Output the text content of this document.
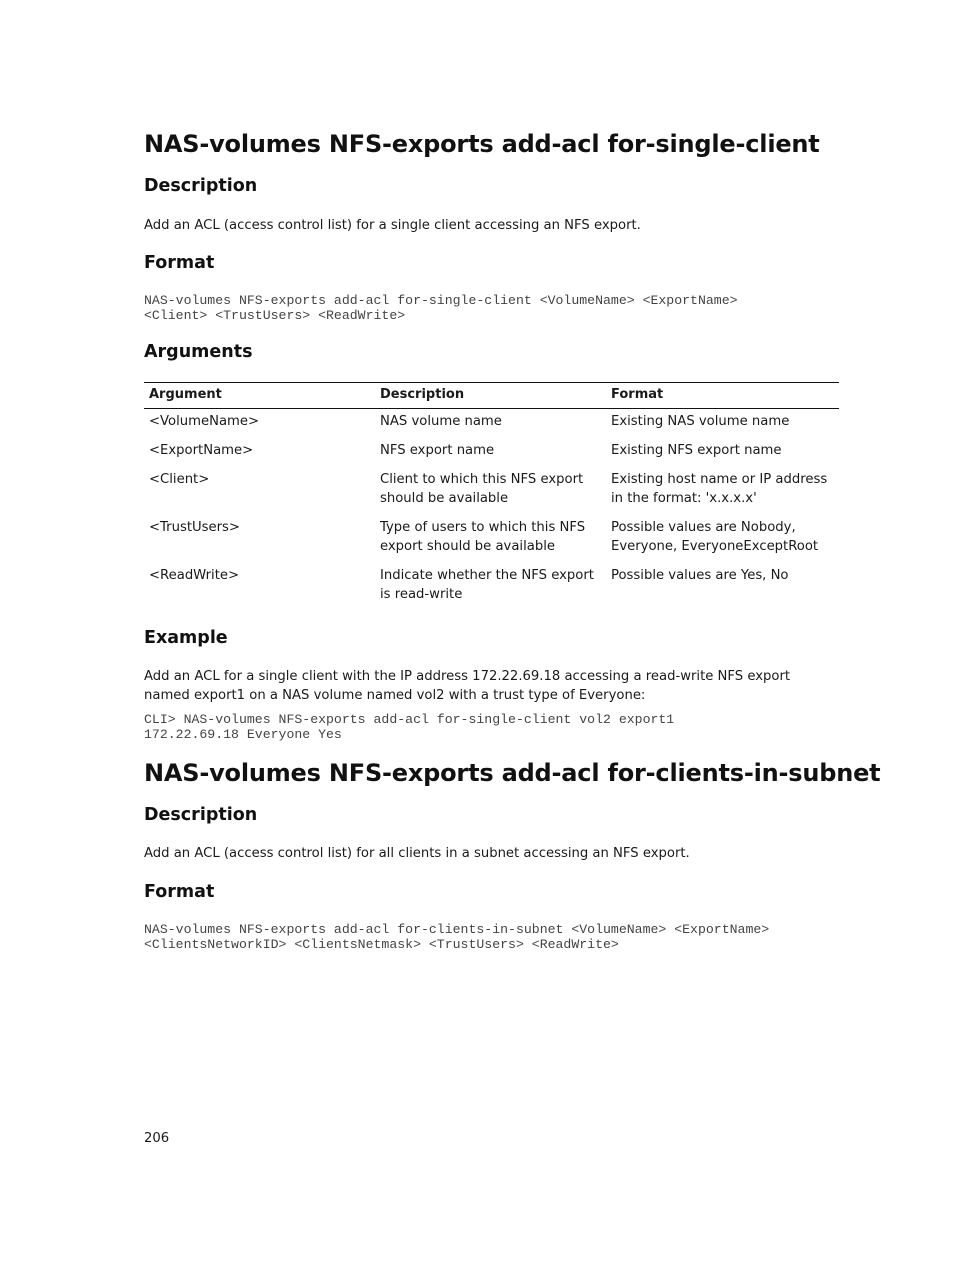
NAS-volumes NFS-exports add-acl for-single-client
Description

Add an ACL (access control list) for a single client accessing an NFS export.

Format
NAS-volumes NFS-exports add-acl for-single-client <VolumeName> <ExportName>
<Client> <TrustUsers> <ReadWrite>
Arguments
Argument	Description	Format
<VolumeName>	NAS volume name	Existing NAS volume name
<ExportName>	NFS export name	Existing NFS export name
<Client>	Client to which this NFS export should be available	Existing host name or IP address in the format: 'x.x.x.x'
<TrustUsers>	Type of users to which this NFS export should be available	Possible values are Nobody, Everyone, EveryoneExceptRoot
<ReadWrite>	Indicate whether the NFS export is read-write	Possible values are Yes, No
Example

Add an ACL for a single client with the IP address 172.22.69.18 accessing a read-write NFS export named export1 on a NAS volume named vol2 with a trust type of Everyone:

CLI> NAS-volumes NFS-exports add-acl for-single-client vol2 export1
172.22.69.18 Everyone Yes
NAS-volumes NFS-exports add-acl for-clients-in-subnet
Description

Add an ACL (access control list) for all clients in a subnet accessing an NFS export.

Format
NAS-volumes NFS-exports add-acl for-clients-in-subnet <VolumeName> <ExportName>
<ClientsNetworkID> <ClientsNetmask> <TrustUsers> <ReadWrite>
206
